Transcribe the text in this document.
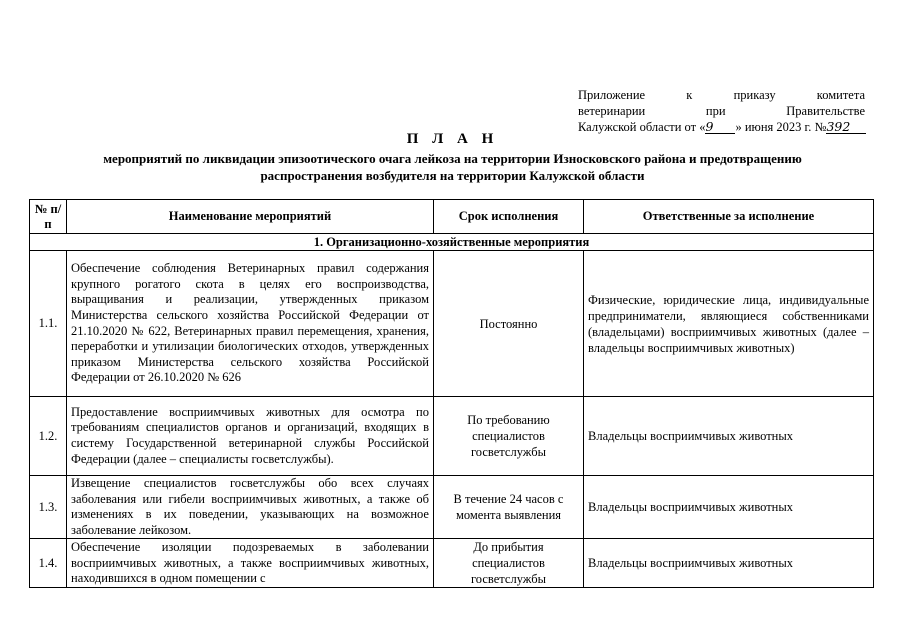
Приложение к приказу комитета
ветеринарии при Правительстве
Калужской области от «9 » июня 2023 г. №392
П Л А Н
мероприятий по ликвидации эпизоотического очага лейкоза на территории Износковского района и предотвращению распространения возбудителя на территории Калужской области
№ п/п	Наименование мероприятий	Срок исполнения	Ответственные за исполнение
1. Организационно-хозяйственные мероприятия			
1.1.	Обеспечение соблюдения Ветеринарных правил содержания крупного рогатого скота в целях его воспроизводства, выращивания и реализации, утвержденных приказом Министерства сельского хозяйства Российской Федерации от 21.10.2020 № 622, Ветеринарных правил перемещения, хранения, переработки и утилизации биологических отходов, утвержденных приказом Министерства сельского хозяйства Российской Федерации от 26.10.2020 № 626	Постоянно	Физические, юридические лица, индивидуальные предприниматели, являющиеся собственниками (владельцами) восприимчивых животных (далее – владельцы восприимчивых животных)
1.2.	Предоставление восприимчивых животных для осмотра по требованиям специалистов органов и организаций, входящих в систему Государственной ветеринарной службы Российской Федерации (далее – специалисты госветслужбы).	По требованию специалистов госветслужбы	Владельцы восприимчивых животных
1.3.	Извещение специалистов госветслужбы обо всех случаях заболевания или гибели восприимчивых животных, а также об изменениях в их поведении, указывающих на возможное заболевание лейкозом.	В течение 24 часов с момента выявления	Владельцы восприимчивых животных
1.4.	Обеспечение изоляции подозреваемых в заболевании восприимчивых животных, а также восприимчивых животных, находившихся в одном помещении с	До прибытия специалистов госветслужбы	Владельцы восприимчивых животных
